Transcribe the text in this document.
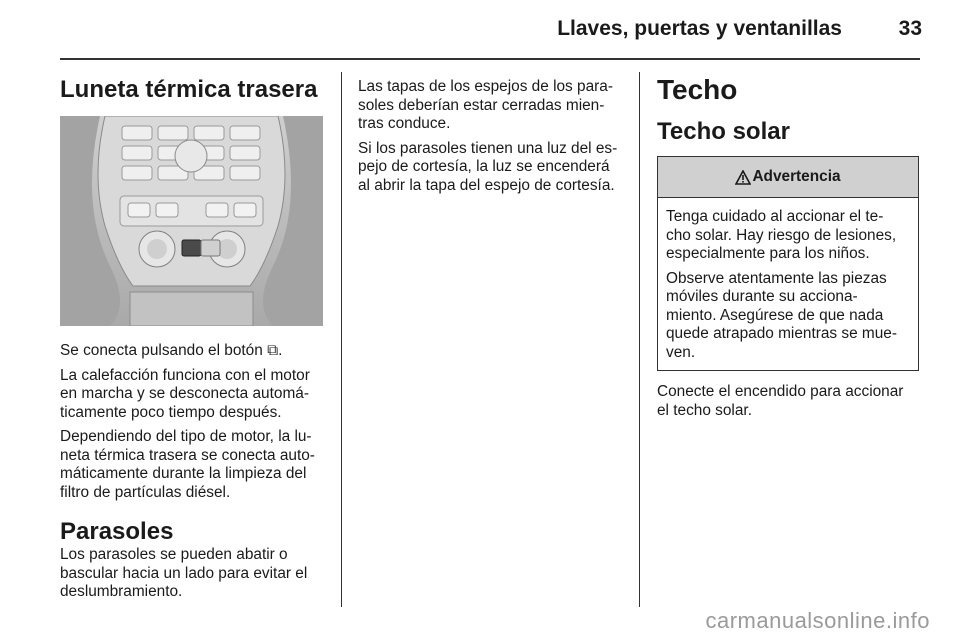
Llaves, puertas y ventanillas	33
Luneta térmica trasera

Se conecta pulsando el botón ⧉.

La calefacción funciona con el motor
en marcha y se desconecta automá-
ticamente poco tiempo después.

Dependiendo del tipo de motor, la lu-
neta térmica trasera se conecta auto-
máticamente durante la limpieza del
filtro de partículas diésel.

Parasoles

Los parasoles se pueden abatir o
bascular hacia un lado para evitar el
deslumbramiento.

Las tapas de los espejos de los para-
soles deberían estar cerradas mien-
tras conduce.

Si los parasoles tienen una luz del es-
pejo de cortesía, la luz se encenderá
al abrir la tapa del espejo de cortesía.

Techo
Techo solar
Advertencia

Tenga cuidado al accionar el te-
cho solar. Hay riesgo de lesiones,
especialmente para los niños.

Observe atentamente las piezas
móviles durante su acciona-
miento. Asegúrese de que nada
quede atrapado mientras se mue-
ven.

Conecte el encendido para accionar
el techo solar.

carmanualsonline.info
